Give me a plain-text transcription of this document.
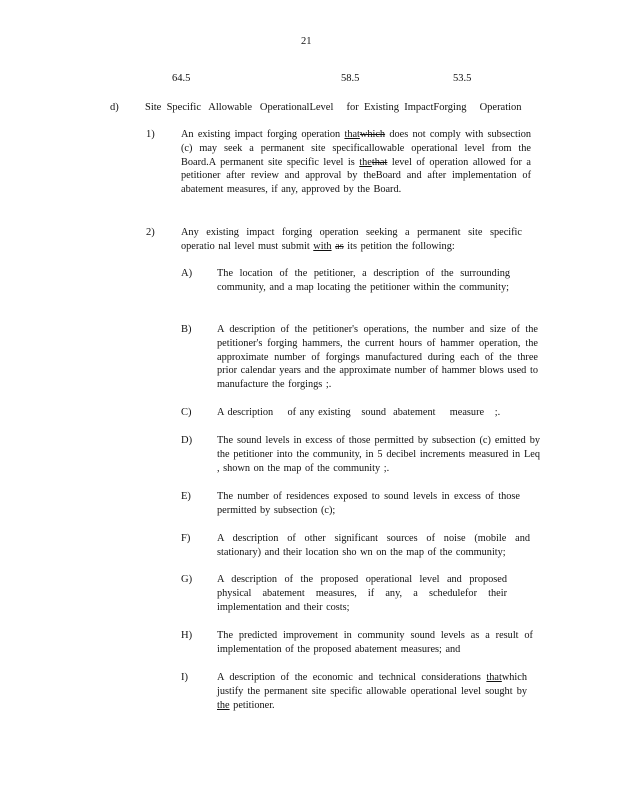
21
64.5	58.5	53.5
d)	Site  Specific   Allowable   OperationalLevel     for  Existing  ImpactForging     Operation
1)	An existing impact forging operation thatwhich does not comply with subsection (c) may seek a permanent site specificallowable operational level from the Board.A permanent site specific level is thethat level of operation allowed for a petitioner after review and approval by theBoard and after implementation of abatement measures, if any, approved by the Board.
2)	Any existing impact forging operation seeking a permanent site specific operatio nal level must submit with as its petition the following:
A) The location of the petitioner, a description of the surrounding community, and a map locating the petitioner within the community;
B) A description of the petitioner's operations, the number and size of the petitioner's forging hammers, the current hours of hammer operation, the approximate number of forgings manufactured during each of the three prior calendar years and the approximate number of hammer blows used to manufacture the forgings ;.
C) A description    of any existing   sound  abatement    measure   ;.
D) The sound levels in excess of those permitted by subsection (c) emitted by the petitioner into the community, in 5 decibel increments measured in Leq , shown on the map of the community ;.
E)	The number of residences exposed to sound levels in excess of those permitted by subsection (c);
F)	A description of other significant sources of noise (mobile and stationary) and their location sho wn on the map of the community;
G) A description of the proposed operational level and proposed physical abatement measures, if any, a schedulefor their implementation and their costs;
H) The predicted improvement in community sound levels as a result of implementation of the proposed abatement measures; and
I)	A description of the economic and technical considerations thatwhich justify the permanent site specific allowable operational level sought by the petitioner.
